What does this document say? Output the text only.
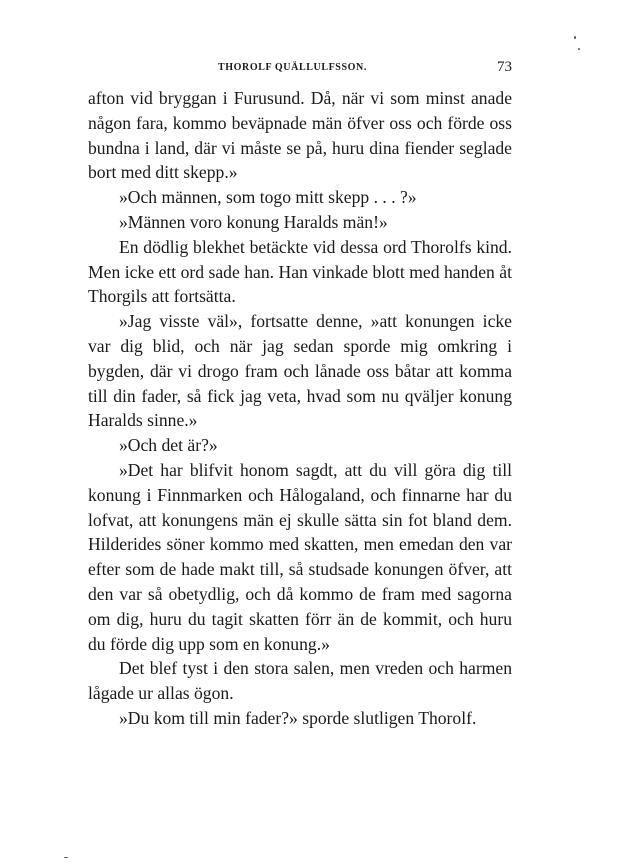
THOROLF QUÄLLULFSSON.	73

afton vid bryggan i Furusund. Då, när vi som minst anade någon fara, kommo beväpnade män öfver oss och förde oss bundna i land, där vi måste se på, huru dina fiender seglade bort med ditt skepp.»

»Och männen, som togo mitt skepp . . . ?»

»Männen voro konung Haralds män!»

En dödlig blekhet betäckte vid dessa ord Thorolfs kind. Men icke ett ord sade han. Han vinkade blott med handen åt Thorgils att fortsätta.

»Jag visste väl», fortsatte denne, »att konungen icke var dig blid, och när jag sedan sporde mig omkring i bygden, där vi drogo fram och lånade oss båtar att komma till din fader, så fick jag veta, hvad som nu qväljer konung Haralds sinne.»

»Och det är?»

»Det har blifvit honom sagdt, att du vill göra dig till konung i Finnmarken och Hålogaland, och finnarne har du lofvat, att konungens män ej skulle sätta sin fot bland dem. Hilderides söner kommo med skatten, men emedan den var efter som de hade makt till, så studsade konungen öfver, att den var så obetydlig, och då kommo de fram med sagorna om dig, huru du tagit skatten förr än de kommit, och huru du förde dig upp som en konung.»

Det blef tyst i den stora salen, men vreden och harmen lågade ur allas ögon.

»Du kom till min fader?» sporde slutligen Thorolf.
